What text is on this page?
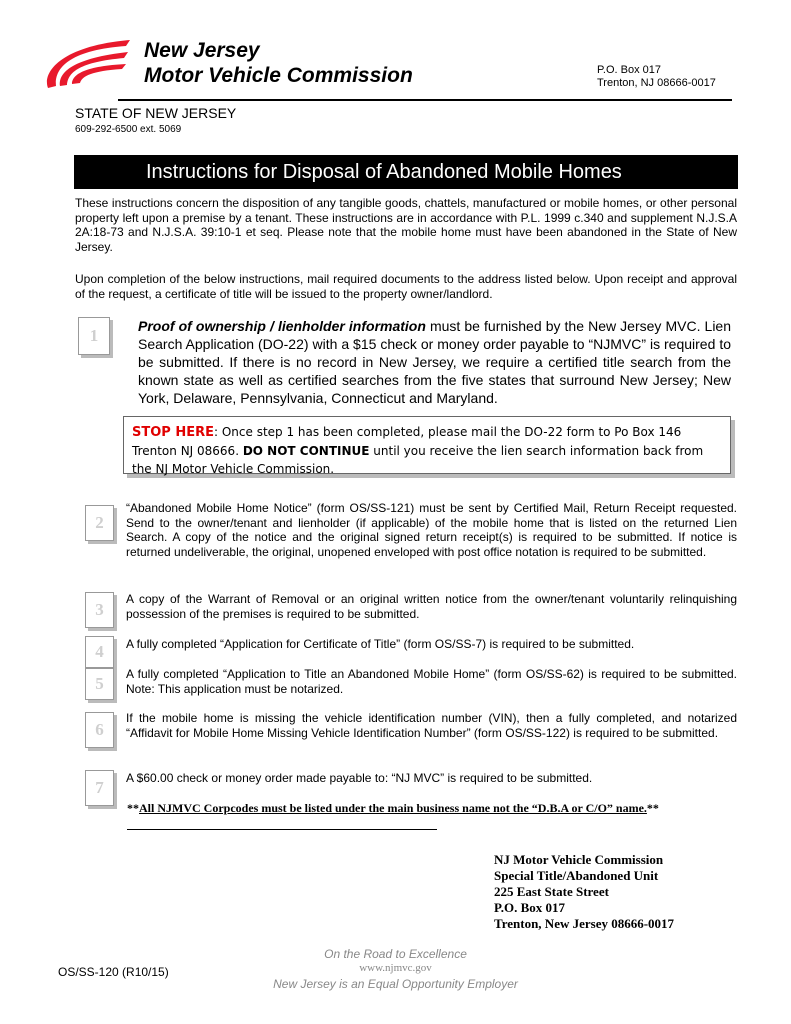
New Jersey
Motor Vehicle Commission	P.O. Box 017
Trenton, NJ 08666-0017
STATE OF NEW JERSEY
609-292-6500 ext. 5069
Instructions for Disposal of Abandoned Mobile Homes
These instructions concern the disposition of any tangible goods, chattels, manufactured or mobile homes, or other personal property left upon a premise by a tenant. These instructions are in accordance with P.L. 1999 c.340 and supplement N.J.S.A 2A:18-73 and N.J.S.A. 39:10-1 et seq. Please note that the mobile home must have been abandoned in the State of New Jersey.
Upon completion of the below instructions, mail required documents to the address listed below. Upon receipt and approval of the request, a certificate of title will be issued to the property owner/landlord.
1	Proof of ownership / lienholder information must be furnished by the New Jersey MVC. Lien Search Application (DO-22) with a $15 check or money order payable to “NJMVC” is required to be submitted. If there is no record in New Jersey, we require a certified title search from the known state as well as certified searches from the five states that surround New Jersey; New York, Delaware, Pennsylvania, Connecticut and Maryland.
STOP HERE: Once step 1 has been completed, please mail the DO-22 form to Po Box 146 Trenton NJ 08666. DO NOT CONTINUE until you receive the lien search information back from the NJ Motor Vehicle Commission.
2
“Abandoned Mobile Home Notice” (form OS/SS-121) must be sent by Certified Mail, Return Receipt requested. Send to the owner/tenant and lienholder (if applicable) of the mobile home that is listed on the returned Lien Search. A copy of the notice and the original signed return receipt(s) is required to be submitted. If notice is returned undeliverable, the original, unopened enveloped with post office notation is required to be submitted.
3
A copy of the Warrant of Removal or an original written notice from the owner/tenant voluntarily relinquishing possession of the premises is required to be submitted.
4	A fully completed “Application for Certificate of Title” (form OS/SS-7) is required to be submitted.
5	A fully completed “Application to Title an Abandoned Mobile Home” (form OS/SS-62) is required to be submitted. Note: This application must be notarized.
6
If the mobile home is missing the vehicle identification number (VIN), then a fully completed, and notarized “Affidavit for Mobile Home Missing Vehicle Identification Number” (form OS/SS-122) is required to be submitted.
7	A $60.00 check or money order made payable to: “NJ MVC” is required to be submitted.
**All NJMVC Corpcodes must be listed under the main business name not the “D.B.A or C/O” name.**
NJ Motor Vehicle Commission
Special Title/Abandoned Unit
225 East State Street
P.O. Box 017
Trenton, New Jersey 08666-0017
On the Road to Excellence
www.njmvc.gov
New Jersey is an Equal Opportunity Employer
OS/SS-120 (R10/15)
